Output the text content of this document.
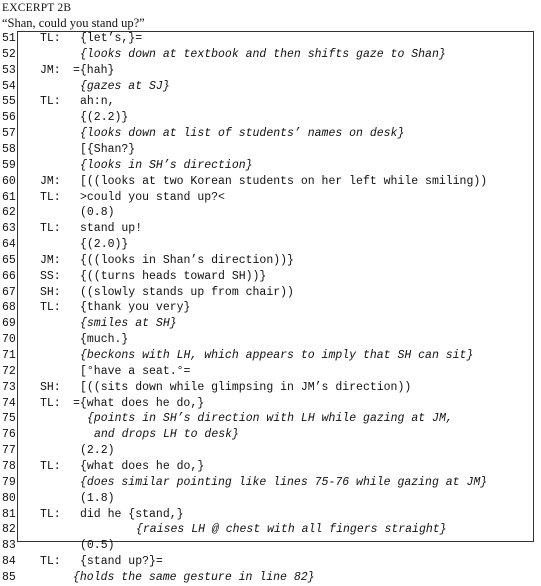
EXCERPT 2B
“Shan, could you stand up?”
51 TL: {let’s,}=
52	{looks down at textbook and then shifts gaze to Shan}
53 JM: ={hah}
54	{gazes at SJ}
55 TL: ah:n,
56	{(2.2)}
57	{looks down at list of students’ names on desk}
58	[{Shan?}
59	{looks in SH’s direction}
60 JM: [((looks at two Korean students on her left while smiling))
61 TL: >could you stand up?<
62	(0.8)
63 TL: stand up!
64	{(2.0)}
65 JM: {((looks in Shan’s direction))}
66 SS: {((turns heads toward SH))}
67 SH: ((slowly stands up from chair))
68 TL: {thank you very}
69	{smiles at SH}
70	{much.}
71	{beckons with LH, which appears to imply that SH can sit}
72	[°have a seat.°=
73 SH: [((sits down while glimpsing in JM’s direction))
74 TL: ={what does he do,}
75	{points in SH’s direction with LH while gazing at JM,
76	and drops LH to desk}
77	(2.2)
78 TL: {what does he do,}
79	{does similar pointing like lines 75-76 while gazing at JM}
80	(1.8)
81 TL: did he {stand,}
82	{raises LH @ chest with all fingers straight}
83	(0.5)
84 TL: {stand up?}=
85	{holds the same gesture in line 82}
